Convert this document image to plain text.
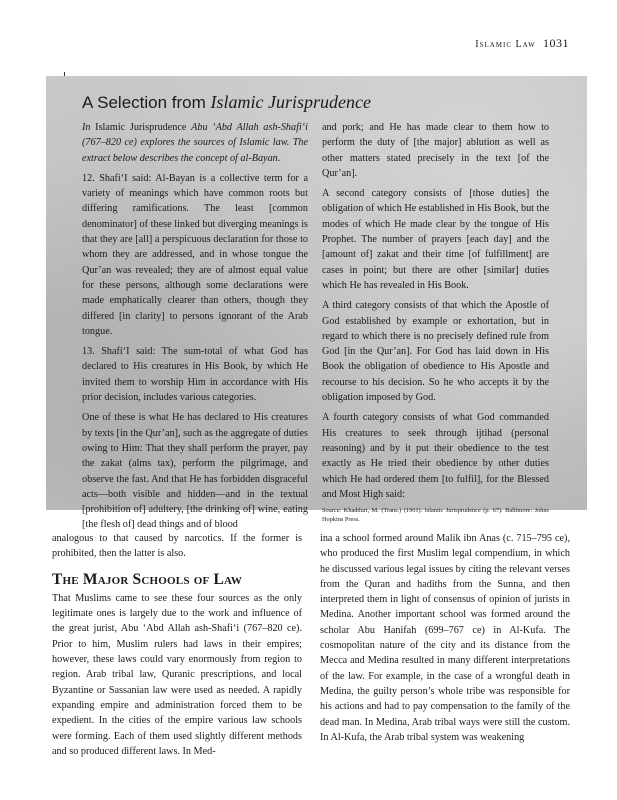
Islamic Law 1031
A Selection from Islamic Jurisprudence

In Islamic Jurisprudence Abu ‘Abd Allah ash-Shafi‘i (767–820 ce) explores the sources of Islamic law. The extract below describes the concept of al-Bayan.

12. Shafi‘I said: Al-Bayan is a collective term for a variety of meanings which have common roots but differing ramifications. The least [common denominator] of these linked but diverging meanings is that they are [all] a perspicuous declaration for those to whom they are addressed, and in whose tongue the Qur’an was revealed; they are of almost equal value for these persons, although some declarations were made emphatically clearer than others, though they differed [in clarity] to persons ignorant of the Arab tongue.

13. Shafi‘I said: The sum-total of what God has declared to His creatures in His Book, by which He invited them to worship Him in accordance with His prior decision, includes various categories.

One of these is what He has declared to His creatures by texts [in the Qur’an], such as the aggregate of duties owing to Him: That they shall perform the prayer, pay the zakat (alms tax), perform the pilgrimage, and observe the fast. And that He has forbidden disgraceful acts—both visible and hidden—and in the textual [prohibition of] adultery, [the drinking of] wine, eating [the flesh of] dead things and of blood

and pork; and He has made clear to them how to perform the duty of [the major] ablution as well as other matters stated precisely in the text [of the Qur’an].

A second category consists of [those duties] the obligation of which He established in His Book, but the modes of which He made clear by the tongue of His Prophet. The number of prayers [each day] and the [amount of] zakat and their time [of fulfillment] are cases in point; but there are other [similar] duties which He has revealed in His Book.

A third category consists of that which the Apostle of God established by example or exhortation, but in regard to which there is no precisely defined rule from God [in the Qur’an]. For God has laid down in His Book the obligation of obedience to His Apostle and recourse to his decision. So he who accepts it by the obligation imposed by God.

A fourth category consists of what God commanded His creatures to seek through ijtihad (personal reasoning) and by it put their obedience to the test exactly as He tried their obedience by other duties which He had ordered them [to fulfil], for the Blessed and Most High said:

Source: Khadduri, M. (Trans.) (1961). Islamic Jurisprudence (p. 67). Baltimore: Johns Hopkins Press.

analogous to that caused by narcotics. If the former is prohibited, then the latter is also.

The Major Schools of Law

That Muslims came to see these four sources as the only legitimate ones is largely due to the work and influence of the great jurist, Abu ‘Abd Allah ash-Shafi‘i (767–820 ce). Prior to him, Muslim rulers had laws in their empires; however, these laws could vary enormously from region to region. Arab tribal law, Quranic prescriptions, and local Byzantine or Sassanian law were used as needed. A rapidly expanding empire and administration forced them to be expedient. In the cities of the empire various law schools were forming. Each of them used slightly different methods and so produced different laws. In Med-

ina a school formed around Malik ibn Anas (c. 715–795 ce), who produced the first Muslim legal compendium, in which he discussed various legal issues by citing the relevant verses from the Quran and hadiths from the Sunna, and then interpreted them in light of consensus of opinion of jurists in Medina. Another important school was formed around the scholar Abu Hanifah (699–767 ce) in Al-Kufa. The cosmopolitan nature of the city and its distance from the Mecca and Medina resulted in many different interpretations of the law. For example, in the case of a wrongful death in Medina, the guilty person’s whole tribe was responsible for his actions and had to pay compensation to the family of the dead man. In Medina, Arab tribal ways were still the custom. In Al-Kufa, the Arab tribal system was weakening
